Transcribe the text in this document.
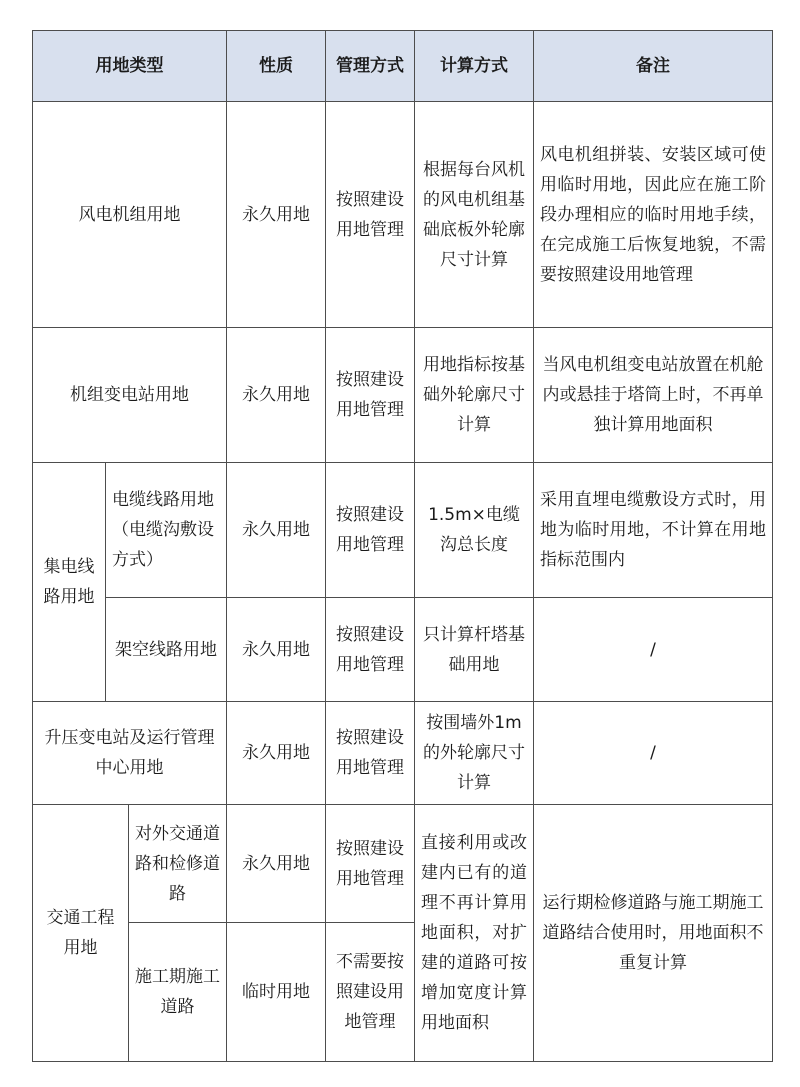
用地类型			性质	管理方式	计算方式	备注
风电机组用地			永久用地	按照建设用地管理	根据每台风机的风电机组基础底板外轮廓尺寸计算	风电机组拼装、安装区域可使用临时用地，因此应在施工阶段办理相应的临时用地手续，在完成施工后恢复地貌，不需要按照建设用地管理
机组变电站用地			永久用地	按照建设用地管理	用地指标按基础外轮廓尺寸计算	当风电机组变电站放置在机舱内或悬挂于塔筒上时，不再单独计算用地面积
集电线路用地	电缆线路用地（电缆沟敷设方式）		永久用地	按照建设用地管理	1.5m×电缆沟总长度	采用直埋电缆敷设方式时，用地为临时用地，不计算在用地指标范围内
	架空线路用地		永久用地	按照建设用地管理	只计算杆塔基础用地	/
升压变电站及运行管理中心用地			永久用地	按照建设用地管理	按围墙外1m 的外轮廓尺寸计算	/
交通工程用地		对外交通道路和检修道路	永久用地	按照建设用地管理	直接利用或改建内已有的道理不再计算用地面积，对扩建的道路可按增加宽度计算用地面积	运行期检修道路与施工期施工道路结合使用时，用地面积不重复计算
		施工期施工道路	临时用地	不需要按照建设用地管理		
